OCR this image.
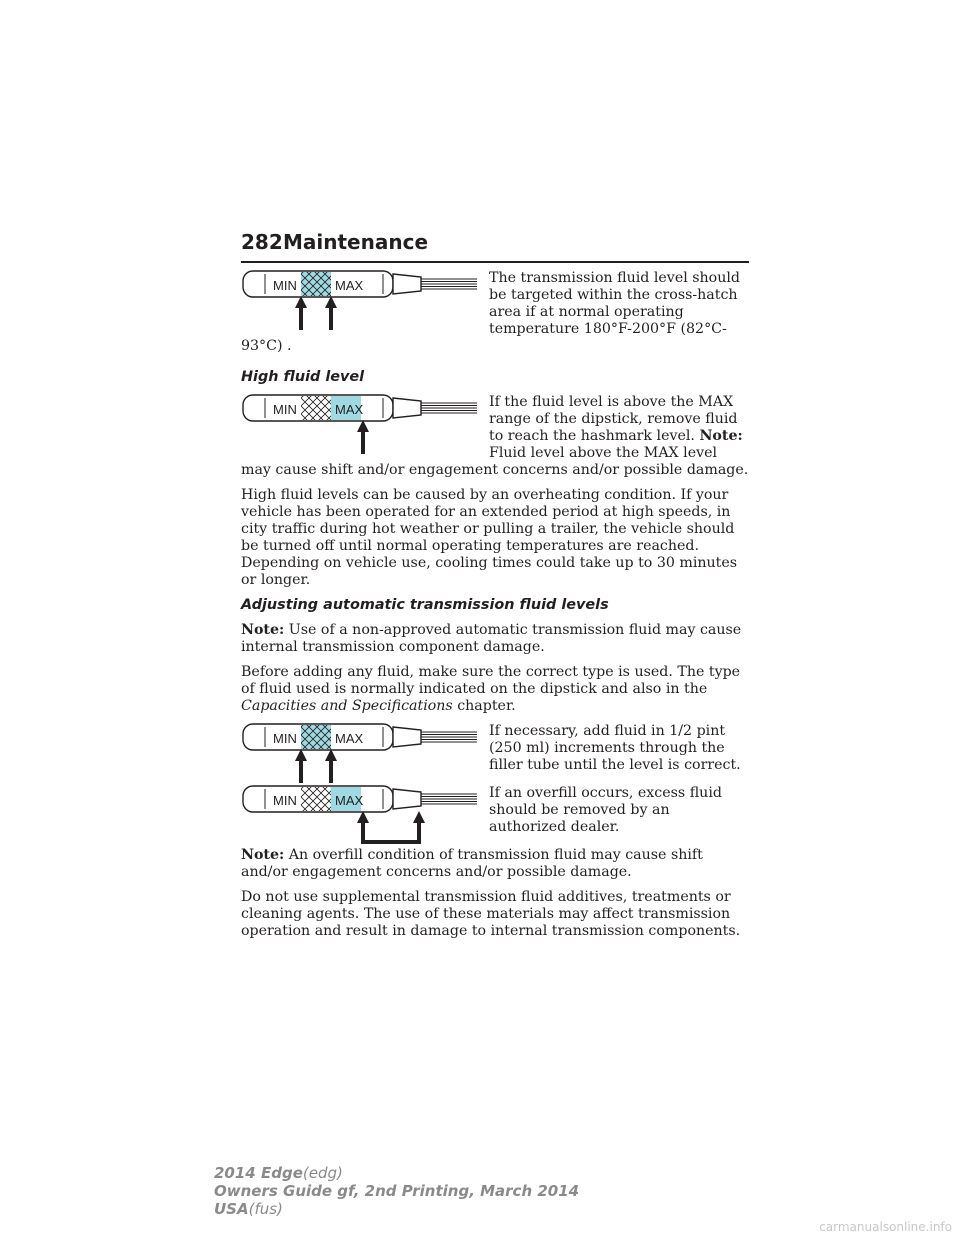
282 Maintenance
MIN	MAX	The transmission fluid level should be targeted within the cross-hatch area if at normal operating temperature 180°F-200°F (82°C-93°C) .

High fluid level

MIN	MAX	If the fluid level is above the MAX range of the dipstick, remove fluid to reach the hashmark level. Note: Fluid level above the MAX level may cause shift and/or engagement concerns and/or possible damage.

High fluid levels can be caused by an overheating condition. If your vehicle has been operated for an extended period at high speeds, in city traffic during hot weather or pulling a trailer, the vehicle should be turned off until normal operating temperatures are reached. Depending on vehicle use, cooling times could take up to 30 minutes or longer.

Adjusting automatic transmission fluid levels

Note: Use of a non-approved automatic transmission fluid may cause internal transmission component damage.

Before adding any fluid, make sure the correct type is used. The type of fluid used is normally indicated on the dipstick and also in the Capacities and Specifications chapter.

MIN	MAX	If necessary, add fluid in 1/2 pint (250 ml) increments through the filler tube until the level is correct.

MIN	MAX	If an overfill occurs, excess fluid should be removed by an authorized dealer.

Note: An overfill condition of transmission fluid may cause shift and/or engagement concerns and/or possible damage.

Do not use supplemental transmission fluid additives, treatments or cleaning agents. The use of these materials may affect transmission operation and result in damage to internal transmission components.

2014 Edge(edg)
Owners Guide gf, 2nd Printing, March 2014
USA(fus)
carmanualsonline.info
